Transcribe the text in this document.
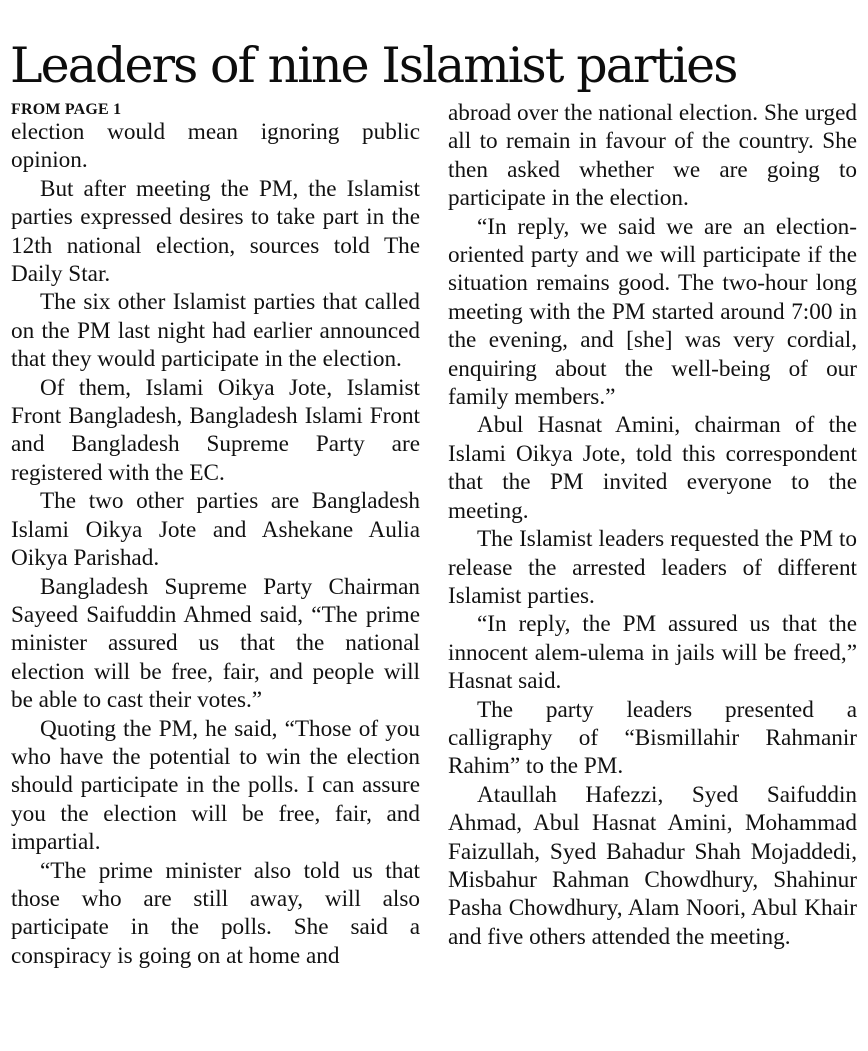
Leaders of nine Islamist parties
FROM PAGE 1

election would mean ignoring public opinion.

But after meeting the PM, the Islamist parties expressed desires to take part in the 12th national election, sources told The Daily Star.

The six other Islamist parties that called on the PM last night had earlier announced that they would participate in the election.

Of them, Islami Oikya Jote, Islamist Front Bangladesh, Bangladesh Islami Front and Bangladesh Supreme Party are registered with the EC.

The two other parties are Bangladesh Islami Oikya Jote and Ashekane Aulia Oikya Parishad.

Bangladesh Supreme Party Chairman Sayeed Saifuddin Ahmed said, “The prime minister assured us that the national election will be free, fair, and people will be able to cast their votes.”

Quoting the PM, he said, “Those of you who have the potential to win the election should participate in the polls. I can assure you the election will be free, fair, and impartial.

“The prime minister also told us that those who are still away, will also participate in the polls. She said a conspiracy is going on at home and

abroad over the national election. She urged all to remain in favour of the country. She then asked whether we are going to participate in the election.

“In reply, we said we are an election-oriented party and we will participate if the situation remains good. The two-hour long meeting with the PM started around 7:00 in the evening, and [she] was very cordial, enquiring about the well-being of our family members.”

Abul Hasnat Amini, chairman of the Islami Oikya Jote, told this correspondent that the PM invited everyone to the meeting.

The Islamist leaders requested the PM to release the arrested leaders of different Islamist parties.

“In reply, the PM assured us that the innocent alem-ulema in jails will be freed,” Hasnat said.

The party leaders presented a calligraphy of “Bismillahir Rahmanir Rahim” to the PM.

Ataullah Hafezzi, Syed Saifuddin Ahmad, Abul Hasnat Amini, Mohammad Faizullah, Syed Bahadur Shah Mojaddedi, Misbahur Rahman Chowdhury, Shahinur Pasha Chowdhury, Alam Noori, Abul Khair and five others attended the meeting.
